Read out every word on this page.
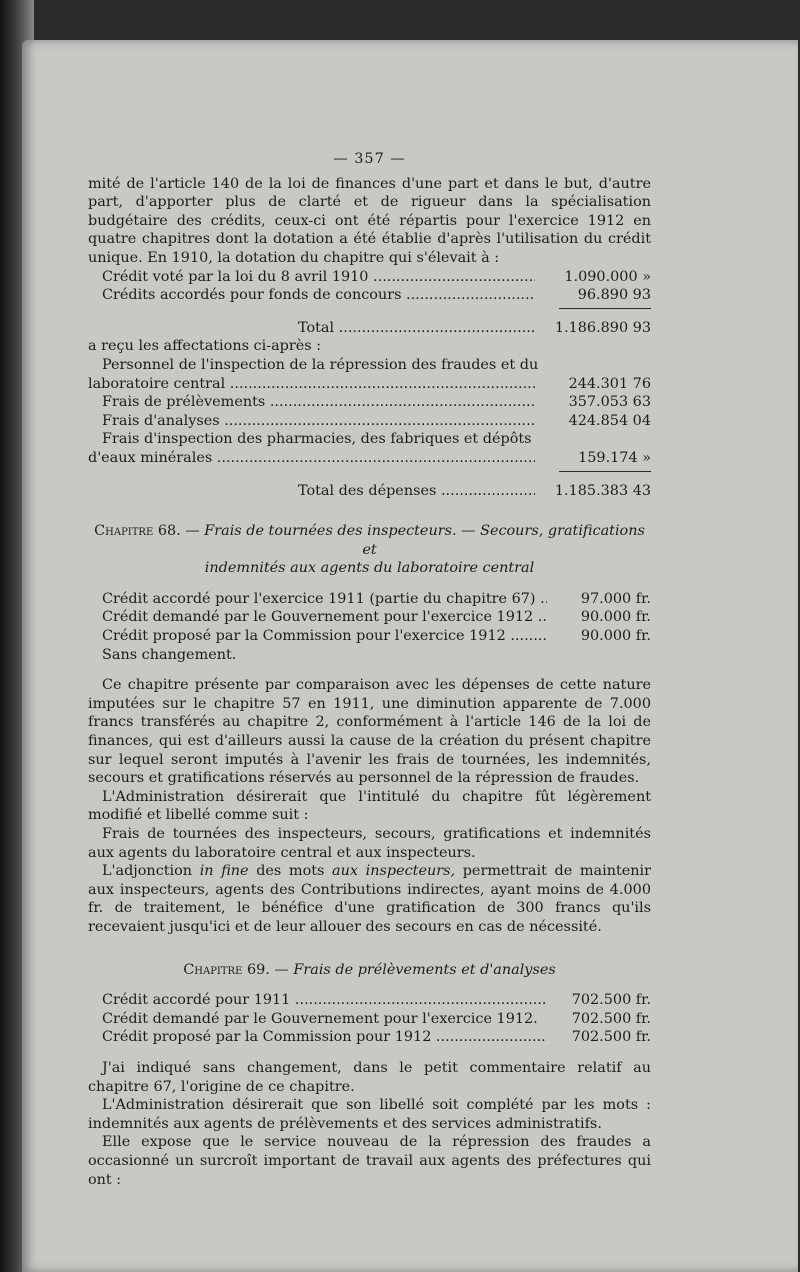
— 357 —

mité de l'article 140 de la loi de finances d'une part et dans le but, d'autre part, d'apporter plus de clarté et de rigueur dans la spécialisation budgétaire des crédits, ceux-ci ont été répartis pour l'exercice 1912 en quatre chapitres dont la dotation a été établie d'après l'utilisation du crédit unique. En 1910, la dotation du chapitre qui s'élevait à :

Crédit voté par la loi du 8 avril 1910 .....	1.090.000 »
Crédits accordés pour fonds de concours .....	96.890 93
Total .....	1.186.890 93

a reçu les affectations ci-après :

Personnel de l'inspection de la répression des fraudes et du

laboratoire central .....	244.301 76
Frais de prélèvements .....	357.053 63
Frais d'analyses .....	424.854 04

Frais d'inspection des pharmacies, des fabriques et dépôts

d'eaux minérales .....	159.174 »
Total des dépenses .....	1.185.383 43
Chapitre 68. — Frais de tournées des inspecteurs. — Secours, gratifications et
indemnités aux agents du laboratoire central
Crédit accordé pour l'exercice 1911 (partie du chapitre 67) .....	97.000 fr.
Crédit demandé par le Gouvernement pour l'exercice 1912 .....	90.000 fr.
Crédit proposé par la Commission pour l'exercice 1912 .....	90.000 fr.

Sans changement.

Ce chapitre présente par comparaison avec les dépenses de cette nature imputées sur le chapitre 57 en 1911, une diminution apparente de 7.000 francs transférés au chapitre 2, conformément à l'article 146 de la loi de finances, qui est d'ailleurs aussi la cause de la création du présent chapitre sur lequel seront imputés à l'avenir les frais de tournées, les indemnités, secours et gratifications réservés au personnel de la répression de fraudes.

L'Administration désirerait que l'intitulé du chapitre fût légèrement modifié et libellé comme suit :

Frais de tournées des inspecteurs, secours, gratifications et indemnités aux agents du laboratoire central et aux inspecteurs.

L'adjonction in fine des mots aux inspecteurs, permettrait de maintenir aux inspecteurs, agents des Contributions indirectes, ayant moins de 4.000 fr. de traitement, le bénéfice d'une gratification de 300 francs qu'ils recevaient jusqu'ici et de leur allouer des secours en cas de nécessité.

Chapitre 69. — Frais de prélèvements et d'analyses
Crédit accordé pour 1911 .....	702.500 fr.
Crédit demandé par le Gouvernement pour l'exercice 1912.	702.500 fr.
Crédit proposé par la Commission pour 1912 .....	702.500 fr.

J'ai indiqué sans changement, dans le petit commentaire relatif au chapitre 67, l'origine de ce chapitre.

L'Administration désirerait que son libellé soit complété par les mots : indemnités aux agents de prélèvements et des services administratifs.

Elle expose que le service nouveau de la répression des fraudes a occasionné un surcroît important de travail aux agents des préfectures qui ont :
